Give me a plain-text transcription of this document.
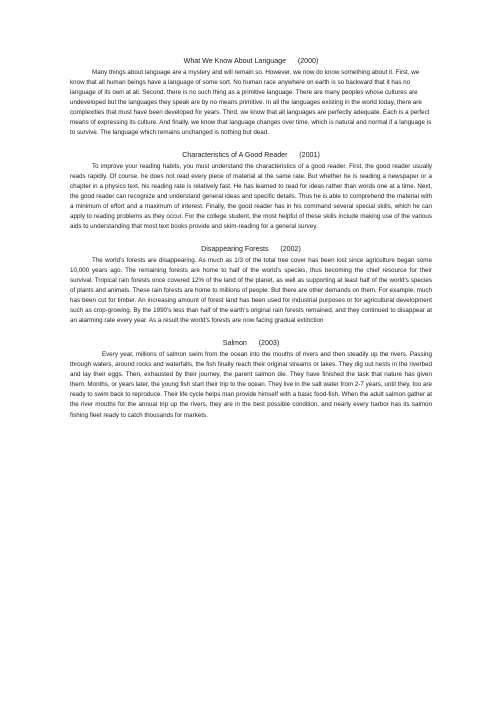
What We Know About Language (2000)

Many things about language are a mystery and will remain so. However, we now do know something about it. First, we know that all human beings have a language of some sort. No human race anywhere on earth is so backward that it has no language of its own at all. Second, there is no such thing as a primitive language. There are many peoples whose cultures are undeveloped but the languages they speak are by no means primitive. In all the languages existing in the world today, there are complexities that must have been developed for years. Third, we know that all languages are perfectly adequate. Each is a perfect means of expressing its culture. And finally, we know that language changes over time, which is natural and normal if a language is to survive. The language which remains unchanged is nothing but dead.

Characteristics of A Good Reader (2001)

To improve your reading habits, you must understand the characteristics of a good reader. First, the good reader usually reads rapidly. Of course, he does not read every piece of material at the same rate. But whether he is reading a newspaper or a chapter in a physics text, his reading rate is relatively fast. He has learned to read for ideas rather than words one at a time. Next, the good reader can recognize and understand general ideas and specific details. Thus he is able to comprehend the material with a minimum of effort and a maximum of interest. Finally, the good reader has in his command several special skills, which he can apply to reading problems as they occur. For the college student, the most helpful of these skills include making use of the various aids to understanding that most text books provide and skim-reading for a general survey.

Disappearing Forests (2002)

The world’s forests are disappearing. As much as 1/3 of the total tree cover has been lost since agriculture began some 10,000 years ago. The remaining forests are home to half of the world’s species, thus becoming the chief resource for their survival. Tropical rain forests once covered 12% of the land of the planet, as well as supporting at least half of the world’s species of plants and animals. These rain forests are home to millions of people. But there are other demands on them. For example, much has been cut for timber. An increasing amount of forest land has been used for industrial purposes or for agricultural development such as crop-growing. By the 1990’s less than half of the earth’s original rain forests remained, and they continued to disappear at an alarming rate every year. As a result the world’s forests are now facing gradual extinction

Salmon (2003)

Every year, millions of salmon swim from the ocean into the mouths of rivers and then steadily up the rivers. Passing through waters, around rocks and waterfalls, the fish finally reach their original streams or lakes. They dig out nests in the riverbed and lay their eggs. Then, exhausted by their journey, the parent salmon die. They have finished the task that nature has given them. Months, or years later, the young fish start their trip to the ocean. They live in the salt water from 2-7 years, until they, too are ready to swim back to reproduce. Their life cycle helps man provide himself with a basic food-fish. When the adult salmon gather at the river mouths for the annual trip up the rivers, they are in the best possible condition, and nearly every harbor has its salmon fishing fleet ready to catch thousands for markets.
